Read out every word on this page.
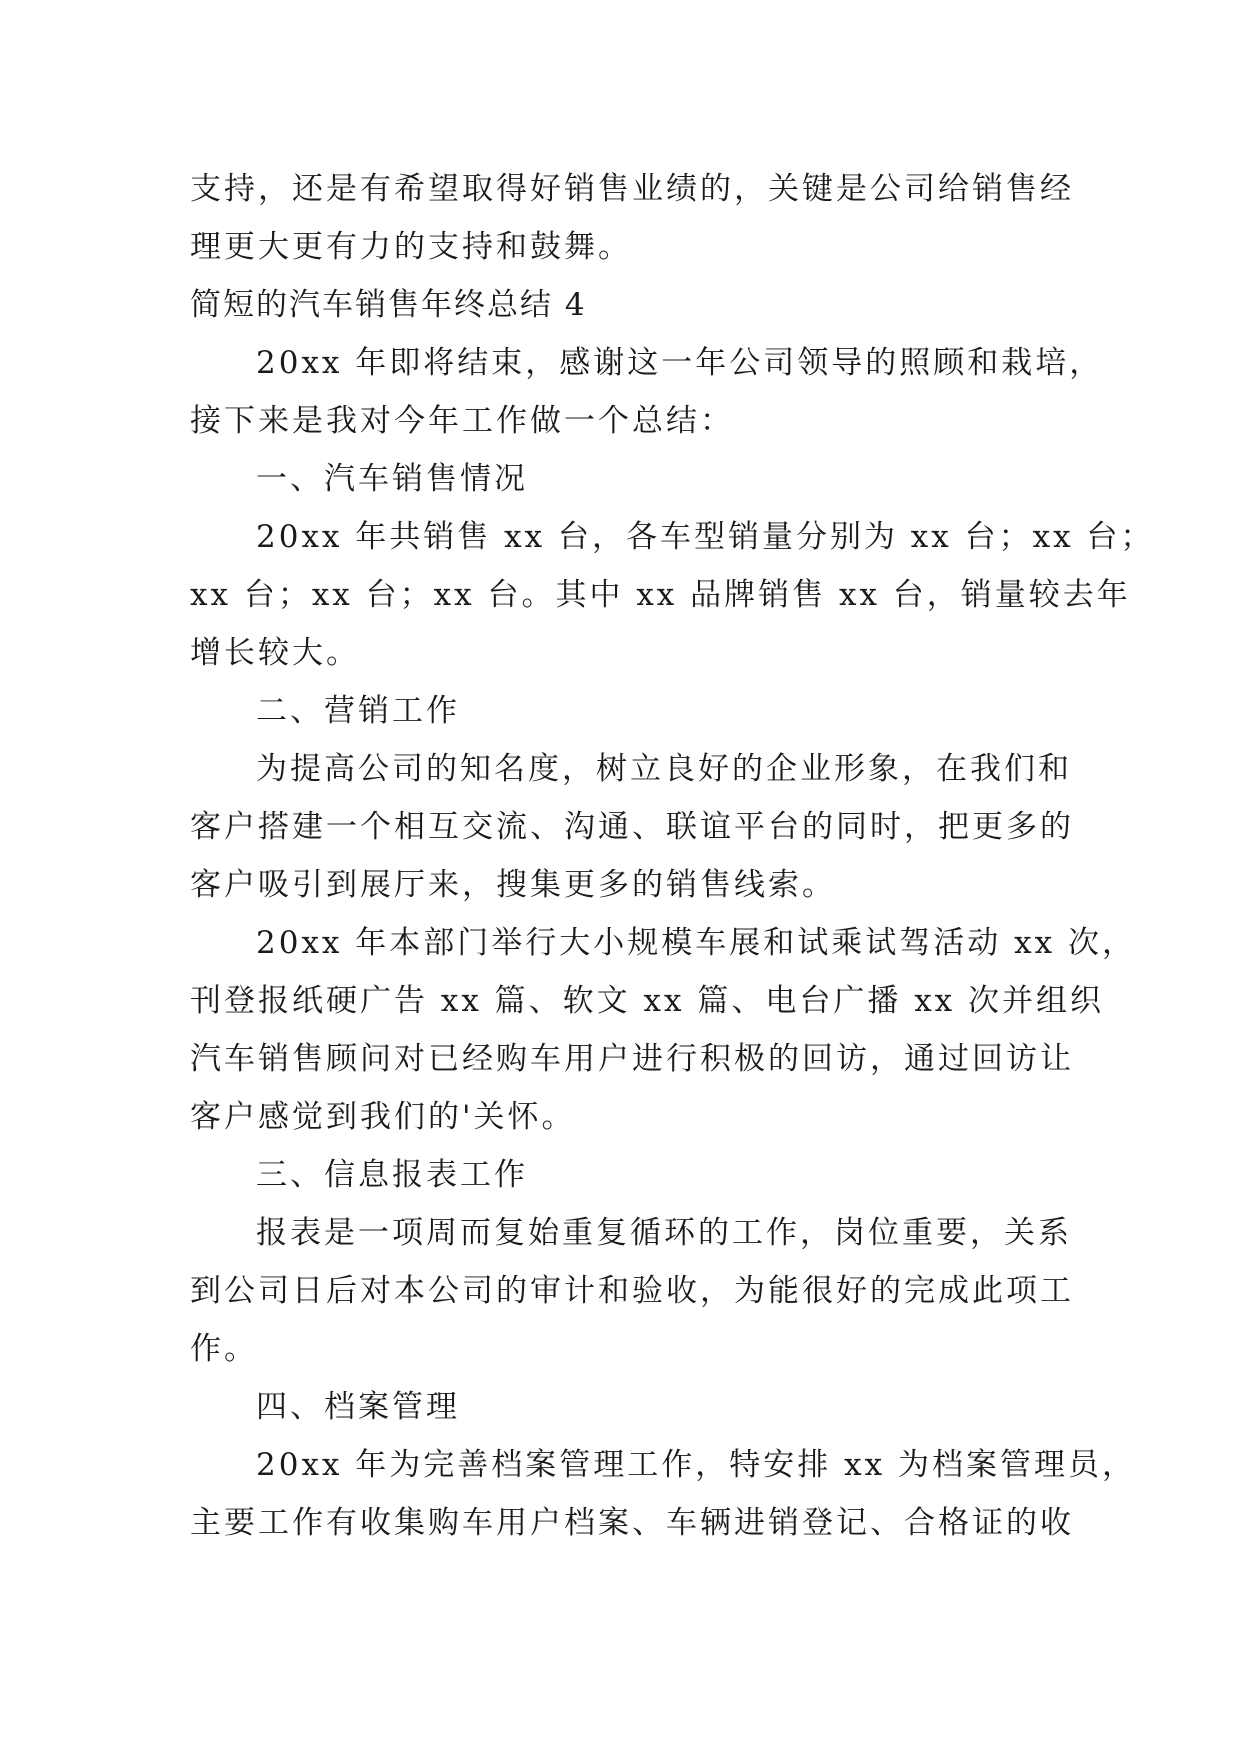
支持，还是有希望取得好销售业绩的，关键是公司给销售经
理更大更有力的支持和鼓舞。
简短的汽车销售年终总结 4
20xx 年即将结束，感谢这一年公司领导的照顾和栽培，
接下来是我对今年工作做一个总结：
一、汽车销售情况
20xx 年共销售 xx 台，各车型销量分别为 xx 台；xx 台；
xx 台；xx 台；xx 台。其中 xx 品牌销售 xx 台，销量较去年
增长较大。
二、营销工作
为提高公司的知名度，树立良好的企业形象，在我们和
客户搭建一个相互交流、沟通、联谊平台的同时，把更多的
客户吸引到展厅来，搜集更多的销售线索。
20xx 年本部门举行大小规模车展和试乘试驾活动 xx 次，
刊登报纸硬广告 xx 篇、软文 xx 篇、电台广播 xx 次并组织
汽车销售顾问对已经购车用户进行积极的回访，通过回访让
客户感觉到我们的'关怀。
三、信息报表工作
报表是一项周而复始重复循环的工作，岗位重要，关系
到公司日后对本公司的审计和验收，为能很好的完成此项工
作。
四、档案管理
20xx 年为完善档案管理工作，特安排 xx 为档案管理员，
主要工作有收集购车用户档案、车辆进销登记、合格证的收
